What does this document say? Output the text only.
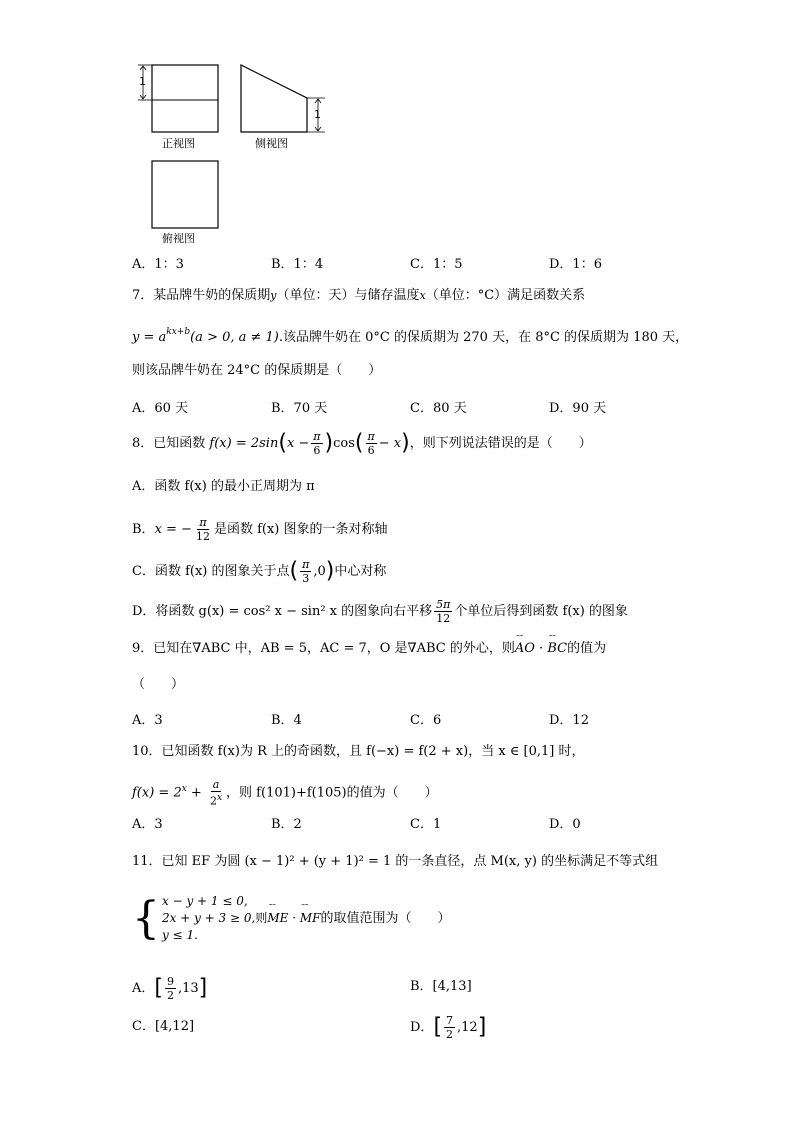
1
1
正视图	侧视图
俯视图
A．1：3	B．1：4	C．1：5	D．1：6
7．某品牌牛奶的保质期y（单位：天）与储存温度x（单位：°C）满足函数关系
$y = a^{kx+b}(a > 0$, a ≠ 1).该品牌牛奶在 0°C 的保质期为 270 天，在 8°C 的保质期为 180 天，
则该品牌牛奶在 24°C 的保质期是（　　）
A．60 天	B．70 天	C．80 天	D．90 天
8．已知函数 $f(x) = 2\sin(x - \frac{\pi}{6} )\cos( \frac{\pi}{6} - x)$，则下列说法错误的是（　　）
A．函数 f(x) 的最小正周期为 π
B．x = − $\frac{\pi}{12}$ 是函数 f(x) 图象的一条对称轴
C．函数 f(x) 的图象关于点( $\frac{\pi}{3} ,0$)中心对称
D．将函数 g(x) = cos² x − sin² x 的图象向右平移 $\frac{5\pi}{12}$ 个单位后得到函数 f(x) 的图象
9．已知在∇ABC 中，AB = 5，AC = 7，O 是∇ABC 的外心，则˜˜ AO · ˜˜ BC的值为
（　　）
A．3	B．4	C．6	D．12
10．已知函数 f(x)为 R 上的奇函数，且 f(−x) = f(2 + x)，当 x ∈ [0,1] 时，
$f(x) = 2^x + \frac{a}{2^x}$ ，则 f(101)+f(105)的值为（　　）
A．3	B．2	C．1	D．0
11．已知 EF 为圆 (x − 1)² + (y + 1)² = 1 的一条直径，点 M(x, y) 的坐标满足不等式组
{ x − y + 1 ≤ 0,
2x + y + 3 ≥ 0,则˜˜ ME · ˜˜ MF的取值范围为（　　）
y ≤ 1.
A．[ $\frac{9}{2} ,13$]	B．[4,13]
C．[4,12]	D．[ $\frac{7}{2} ,12$]
